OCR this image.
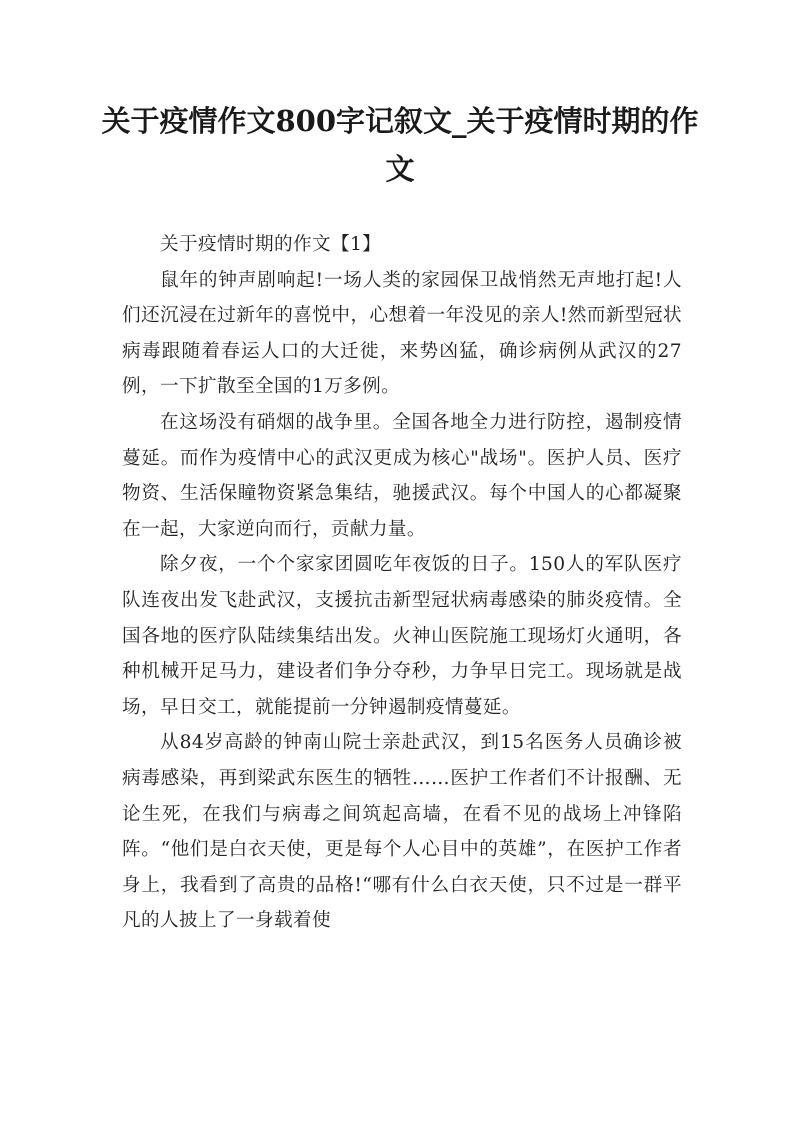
关于疫情作文800字记叙文_关于疫情时期的作文

关于疫情时期的作文【1】

鼠年的钟声剧响起!一场人类的家园保卫战悄然无声地打起!人们还沉浸在过新年的喜悦中，心想着一年没见的亲人!然而新型冠状病毒跟随着春运人口的大迁徙，来势凶猛，确诊病例从武汉的27例，一下扩散至全国的1万多例。

在这场没有硝烟的战争里。全国各地全力进行防控，遏制疫情蔓延。而作为疫情中心的武汉更成为核心"战场"。医护人员、医疗物资、生活保瞳物资紧急集结，驰援武汉。每个中国人的心都凝聚在一起，大家逆向而行，贡献力量。

除夕夜，一个个家家团圆吃年夜饭的日子。150人的军队医疗队连夜出发飞赴武汉，支援抗击新型冠状病毒感染的肺炎疫情。全国各地的医疗队陆续集结出发。火神山医院施工现场灯火通明，各种机械开足马力，建设者们争分夺秒，力争早日完工。现场就是战场，早日交工，就能提前一分钟遏制疫情蔓延。

从84岁高龄的钟南山院士亲赴武汉，到15名医务人员确诊被病毒感染，再到梁武东医生的牺牲……医护工作者们不计报酬、无论生死，在我们与病毒之间筑起高墙，在看不见的战场上冲锋陷阵。“他们是白衣天使，更是每个人心目中的英雄”，在医护工作者身上，我看到了高贵的品格!“哪有什么白衣天使，只不过是一群平凡的人披上了一身载着使
